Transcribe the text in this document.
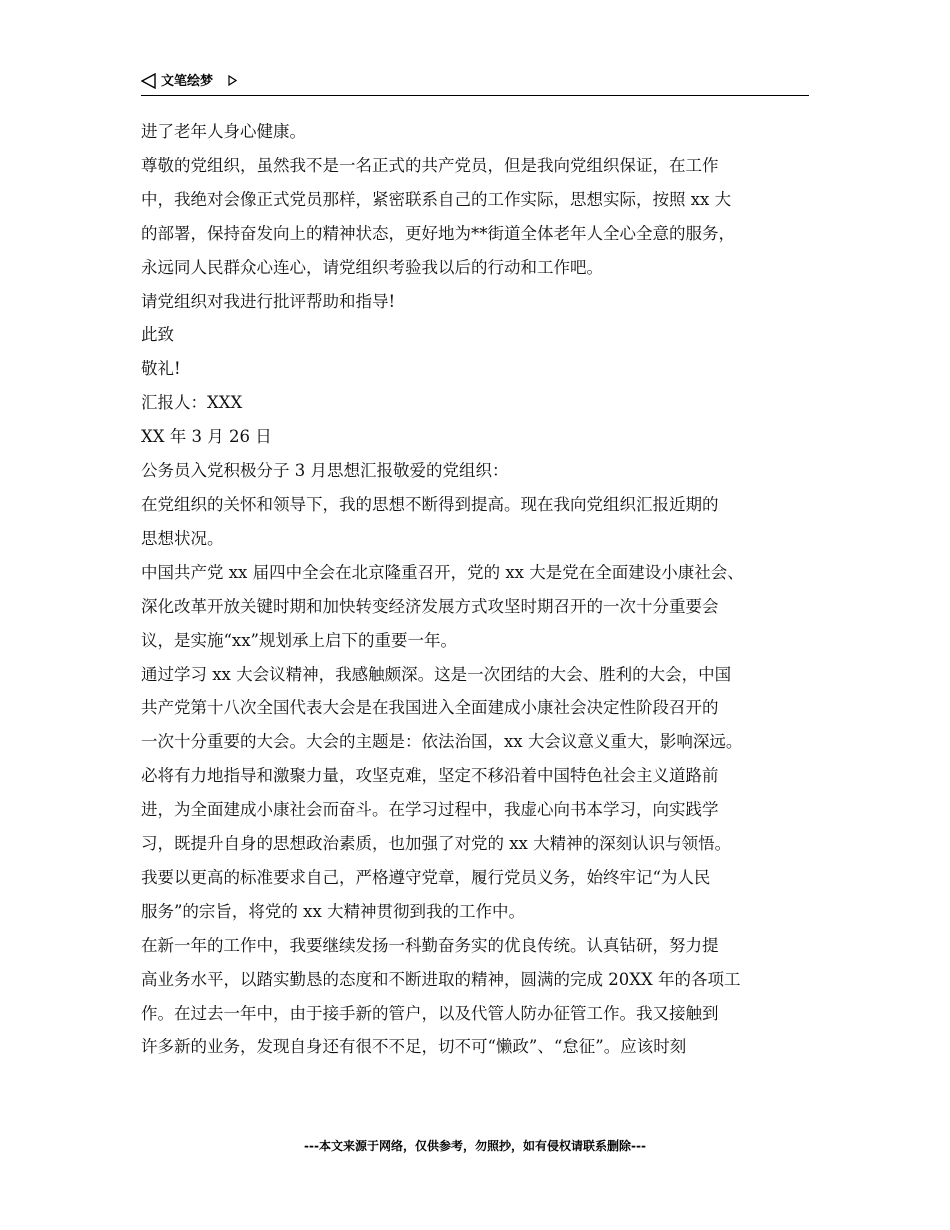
文笔绘梦

进了老年人身心健康。

尊敬的党组织，虽然我不是一名正式的共产党员，但是我向党组织保证，在工作

中，我绝对会像正式党员那样，紧密联系自己的工作实际，思想实际，按照 xx 大

的部署，保持奋发向上的精神状态，更好地为**街道全体老年人全心全意的服务，

永远同人民群众心连心，请党组织考验我以后的行动和工作吧。

请党组织对我进行批评帮助和指导!

此致

敬礼!

汇报人：XXX

XX 年 3 月 26 日

公务员入党积极分子 3 月思想汇报敬爱的党组织：

在党组织的关怀和领导下，我的思想不断得到提高。现在我向党组织汇报近期的

思想状况。

中国共产党 xx 届四中全会在北京隆重召开，党的 xx 大是党在全面建设小康社会、

深化改革开放关键时期和加快转变经济发展方式攻坚时期召开的一次十分重要会

议，是实施“xx”规划承上启下的重要一年。

通过学习 xx 大会议精神，我感触颇深。这是一次团结的大会、胜利的大会，中国

共产党第十八次全国代表大会是在我国进入全面建成小康社会决定性阶段召开的

一次十分重要的大会。大会的主题是：依法治国，xx 大会议意义重大，影响深远。

必将有力地指导和激聚力量，攻坚克难，坚定不移沿着中国特色社会主义道路前

进，为全面建成小康社会而奋斗。在学习过程中，我虚心向书本学习，向实践学

习，既提升自身的思想政治素质，也加强了对党的 xx 大精神的深刻认识与领悟。

我要以更高的标准要求自己，严格遵守党章，履行党员义务，始终牢记“为人民

服务”的宗旨，将党的 xx 大精神贯彻到我的工作中。

在新一年的工作中，我要继续发扬一科勤奋务实的优良传统。认真钻研，努力提

高业务水平，以踏实勤恳的态度和不断进取的精神，圆满的完成 20XX 年的各项工

作。在过去一年中，由于接手新的管户，以及代管人防办征管工作。我又接触到

许多新的业务，发现自身还有很不不足，切不可“懒政”、“怠征”。应该时刻

---本文来源于网络，仅供参考，勿照抄，如有侵权请联系删除---
